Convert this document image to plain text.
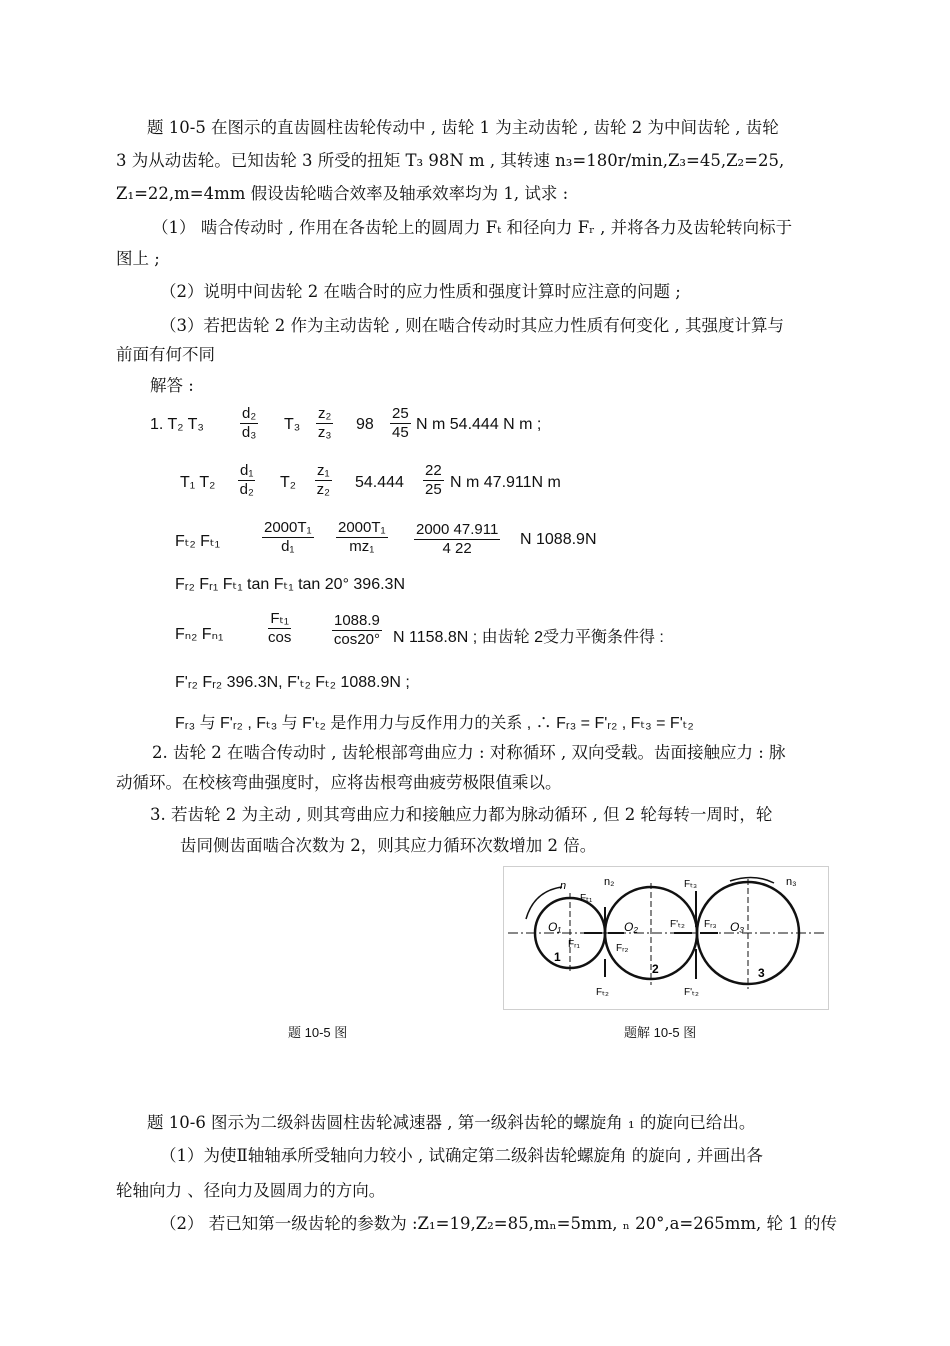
题 10-5 在图示的直齿圆柱齿轮传动中 , 齿轮 1 为主动齿轮 , 齿轮 2 为中间齿轮 , 齿轮
3 为从动齿轮。已知齿轮 3 所受的扭矩 T₃ 98N m , 其转速 n₃=180r/min,Z₃=45,Z₂=25,
Z₁=22,m=4mm 假设齿轮啮合效率及轴承效率均为 1, 试求 :
（1） 啮合传动时 , 作用在各齿轮上的圆周力 Fₜ 和径向力 Fᵣ , 并将各力及齿轮转向标于
图上 ;
（2）说明中间齿轮 2 在啮合时的应力性质和强度计算时应注意的问题 ;
（3）若把齿轮 2 作为主动齿轮 , 则在啮合传动时其应力性质有何变化 , 其强度计算与
前面有何不同
解答 :
1. T₂ $T_3 \frac{\text{d₂}}{\text{d₃}} T_3 \frac{\text{z₂}}{\text{z₃}} 98 \frac{25}{45}$ N m 54.444 N m ;
T₁ $T_2 \frac{\text{d₁}}{\text{d₂}} T_2 \frac{\text{z₁}}{\text{z₂}} 54.444 \frac{22}{25}$ N m 47.911N m
Fₜ₂ Fₜ₁	$\frac{\text{2000T₁}}{\text{d₁}} \frac{\text{2000T₁}}{\text{mz₁}} \frac{2000 47.911}{4 22}$ N 1088.9N
Fᵣ₂ Fᵣ₁ Fₜ₁ tan Fₜ₁ tan 20° 396.3N
Fₙ₂ Fₙ₁	$\frac{\text{Fₜ₁}}{\cos}$	$\frac{1088.9}{\cos 20^\circ}$ N 1158.8N ; 由齿轮 2受力平衡条件得 :
F'ᵣ₂ Fᵣ₂ 396.3N, F'ₜ₂ Fₜ₂ 1088.9N ;
Fᵣ₃ 与 F'ᵣ₂ , Fₜ₃ 与 F'ₜ₂ 是作用力与反作用力的关系 , ∴ Fᵣ₃ = F'ᵣ₂ , Fₜ₃ = F'ₜ₂
2. 齿轮 2 在啮合传动时 , 齿轮根部弯曲应力 : 对称循环 , 双向受载。齿面接触应力 : 脉
动循环。在校核弯曲强度时，应将齿根弯曲疲劳极限值乘以。
3. 若齿轮 2 为主动 , 则其弯曲应力和接触应力都为脉动循环 , 但 2 轮每转一周时，轮
齿同侧齿面啮合次数为 2，则其应力循环次数增加 2 倍。
n	n₂	n₃
O₁	O₂	O₃
1
2	3
Fₜ₁
Fᵣ₁	Fᵣ₂
Fₜ₂
F'ₜ₂ Fᵣ₃
Fₜ₃
F'ₜ₂
题 10-5 图	题解 10-5 图
题 10-6 图示为二级斜齿圆柱齿轮减速器 , 第一级斜齿轮的螺旋角 ₁ 的旋向已给出。
（1）为使Ⅱ轴轴承所受轴向力较小 , 试确定第二级斜齿轮螺旋角 的旋向 , 并画出各
轮轴向力 、径向力及圆周力的方向。
（2） 若已知第一级齿轮的参数为 :Z₁=19,Z₂=85,mₙ=5mm, ₙ 20°,a=265mm, 轮 1 的传
